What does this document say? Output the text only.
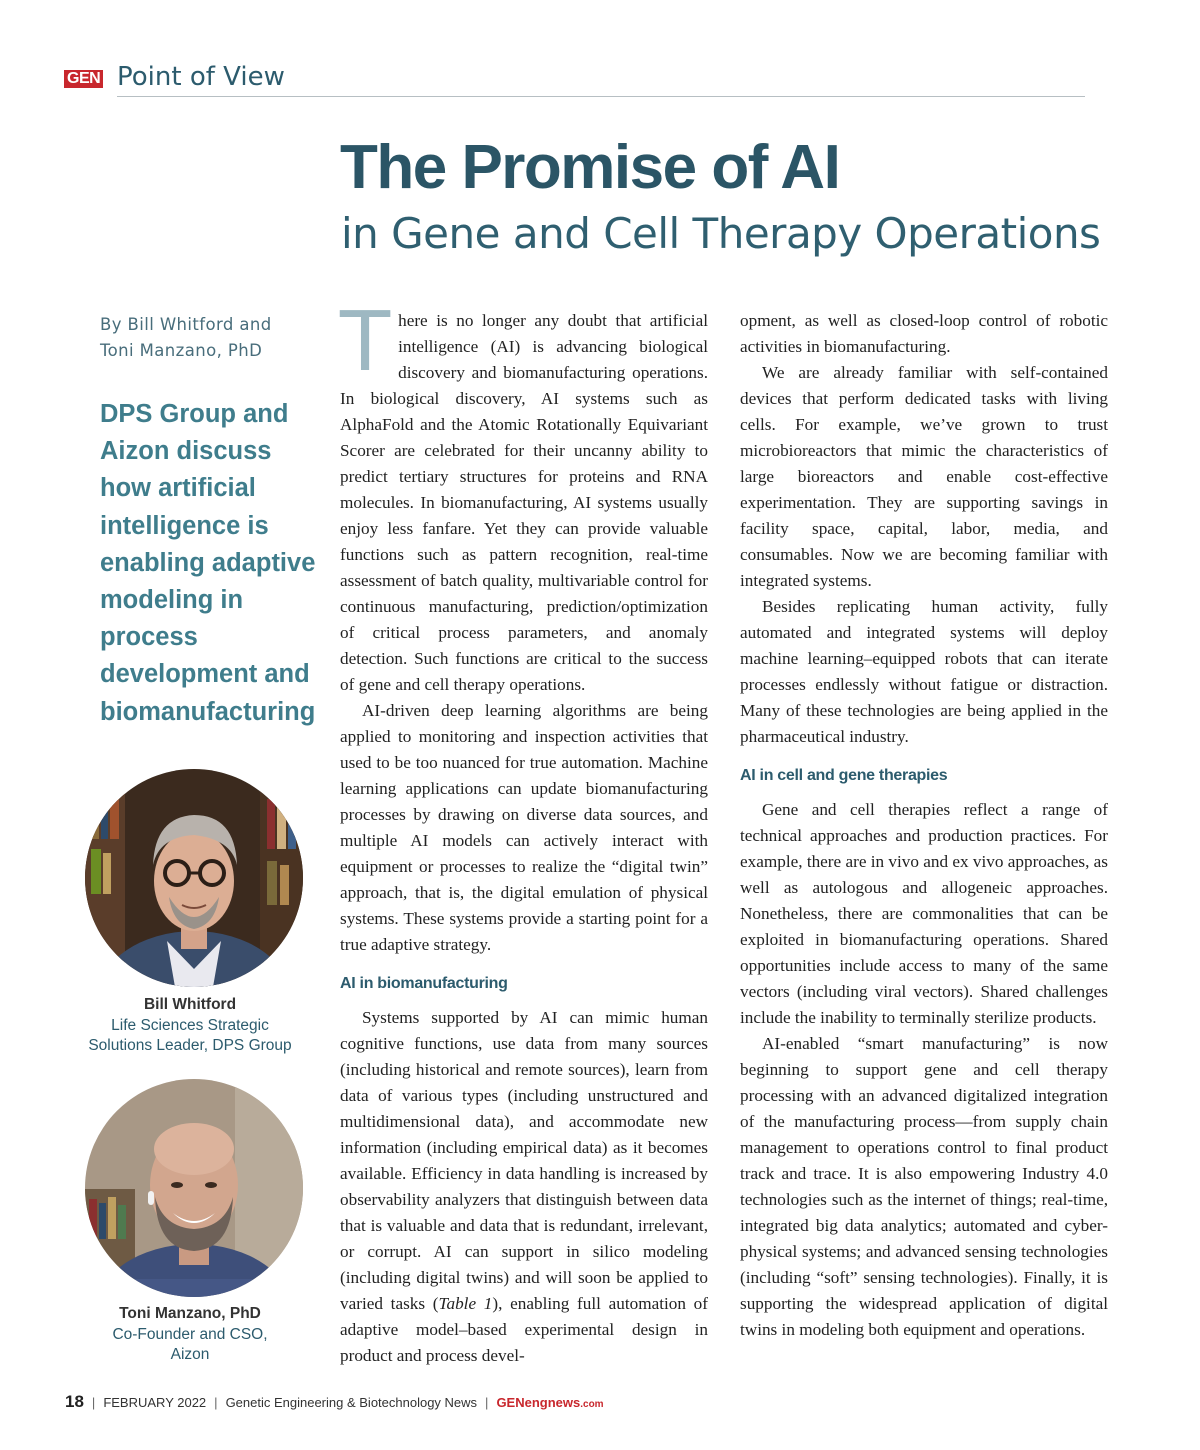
GEN Point of View
The Promise of AI
in Gene and Cell Therapy Operations
By Bill Whitford and
Toni Manzano, PhD
DPS Group and Aizon discuss how artificial intelligence is enabling adaptive modeling in process development and biomanufacturing
Bill Whitford
Life Sciences Strategic
Solutions Leader, DPS Group
Toni Manzano, PhD
Co-Founder and CSO,
Aizon

There is no longer any doubt that artificial intelligence (AI) is advancing biological discovery and biomanufacturing operations. In biological discovery, AI systems such as AlphaFold and the Atomic Rotationally Equivariant Scorer are celebrated for their uncanny ability to predict tertiary structures for proteins and RNA molecules. In biomanufacturing, AI systems usually enjoy less fanfare. Yet they can provide valuable functions such as pattern recognition, real-time assessment of batch quality, multivariable control for continuous manufacturing, prediction/optimization of critical process parameters, and anomaly detection. Such functions are critical to the success of gene and cell therapy operations.

AI-driven deep learning algorithms are being applied to monitoring and inspection activities that used to be too nuanced for true automation. Machine learning applications can update biomanufacturing processes by drawing on diverse data sources, and multiple AI models can actively interact with equipment or processes to realize the “digital twin” approach, that is, the digital emulation of physical systems. These systems provide a starting point for a true adaptive strategy.

AI in biomanufacturing

Systems supported by AI can mimic human cognitive functions, use data from many sources (including historical and remote sources), learn from data of various types (including unstructured and multidimensional data), and accommodate new information (including empirical data) as it becomes available. Efficiency in data handling is increased by observability analyzers that distinguish between data that is valuable and data that is redundant, irrelevant, or corrupt. AI can support in silico modeling (including digital twins) and will soon be applied to varied tasks (Table 1), enabling full automation of adaptive model–based experimental design in product and process devel-

opment, as well as closed-loop control of robotic activities in biomanufacturing.

We are already familiar with self-contained devices that perform dedicated tasks with living cells. For example, we’ve grown to trust microbioreactors that mimic the characteristics of large bioreactors and enable cost-effective experimentation. They are supporting savings in facility space, capital, labor, media, and consumables. Now we are becoming familiar with integrated systems.

Besides replicating human activity, fully automated and integrated systems will deploy machine learning–equipped robots that can iterate processes endlessly without fatigue or distraction. Many of these technologies are being applied in the pharmaceutical industry.

AI in cell and gene therapies

Gene and cell therapies reflect a range of technical approaches and production practices. For example, there are in vivo and ex vivo approaches, as well as autologous and allogeneic approaches. Nonetheless, there are commonalities that can be exploited in biomanufacturing operations. Shared opportunities include access to many of the same vectors (including viral vectors). Shared challenges include the inability to terminally sterilize products.

AI-enabled “smart manufacturing” is now beginning to support gene and cell therapy processing with an advanced digitalized integration of the manufacturing process—from supply chain management to operations control to final product track and trace. It is also empowering Industry 4.0 technologies such as the internet of things; real-time, integrated big data analytics; automated and cyber-physical systems; and advanced sensing technologies (including “soft” sensing technologies). Finally, it is supporting the widespread application of digital twins in modeling both equipment and operations.

18 | FEBRUARY 2022 | Genetic Engineering & Biotechnology News | GENengnews.com
